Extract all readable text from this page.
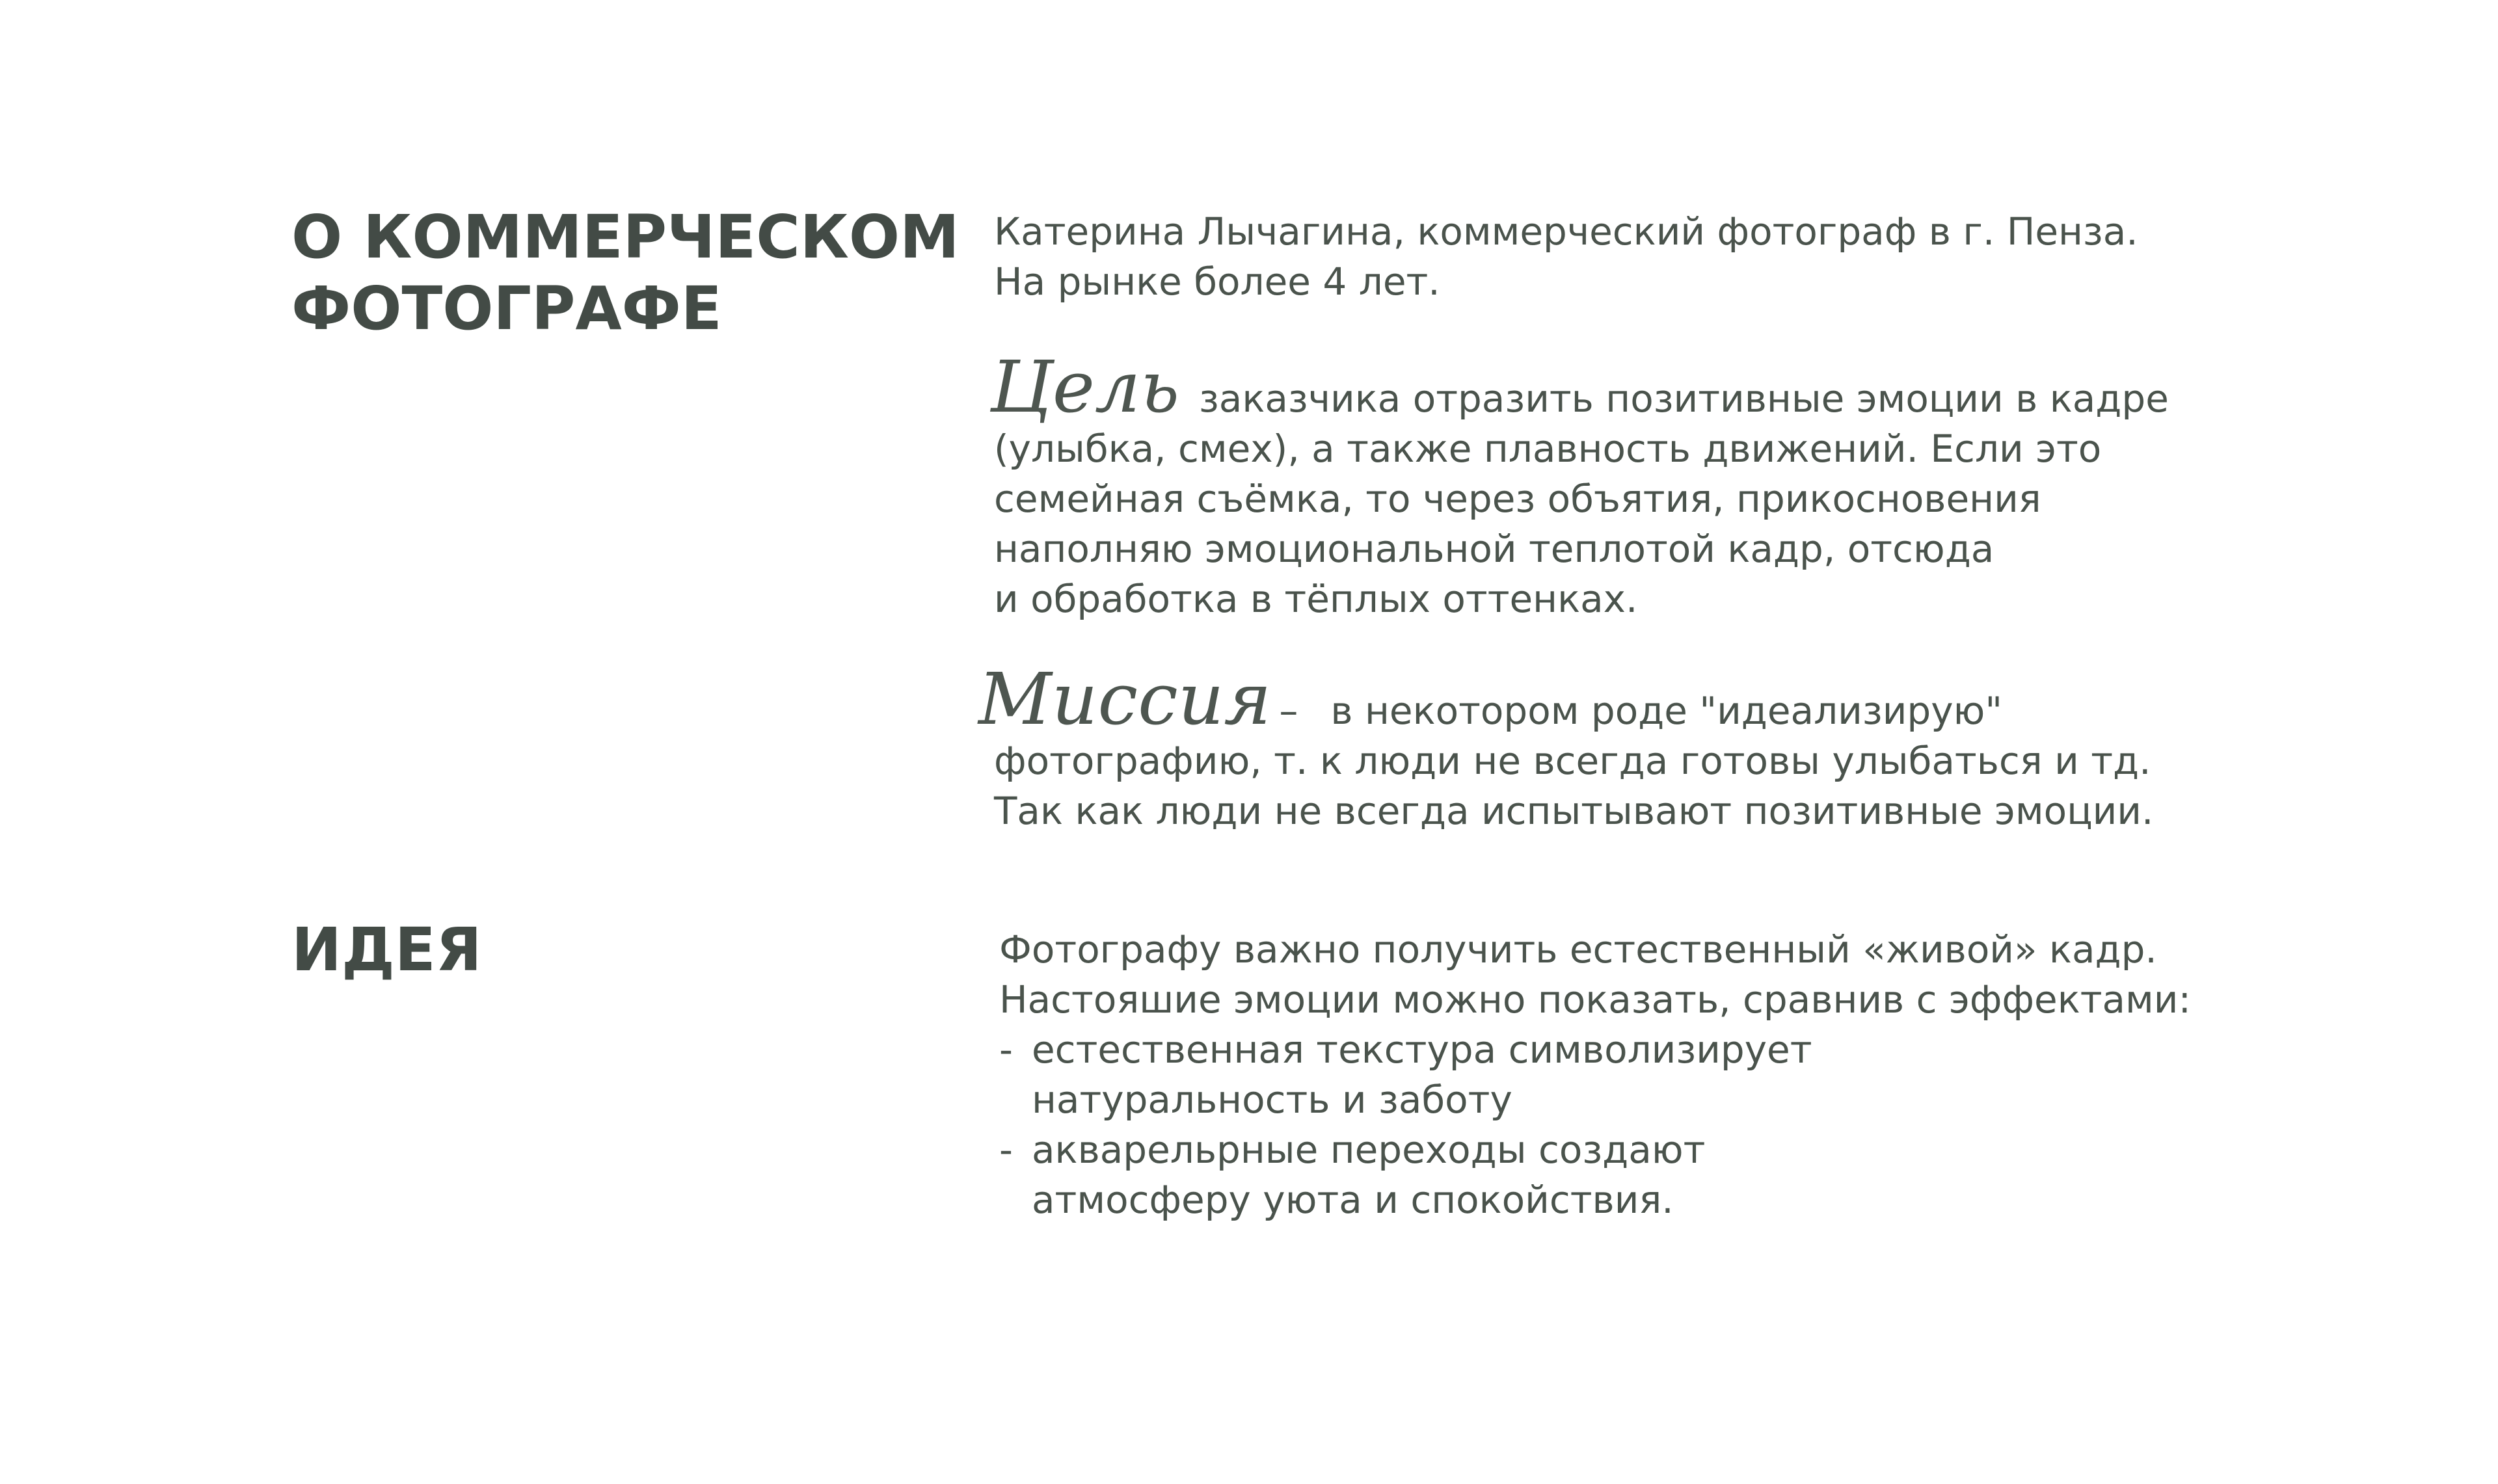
О КОММЕРЧЕСКОМ
ФОТОГРАФЕ
Катерина Лычагина, коммерческий фотограф в г. Пенза.
На рынке более 4 лет.
Цель заказчика отразить позитивные эмоции в кадре
(улыбка, смех), а также плавность движений. Если это
семейная съёмка, то через объятия, прикосновения
наполняю эмоциональной теплотой кадр, отсюда
и обработка в тёплых оттенках.
Миссия – в некотором роде "идеализирую"
фотографию, т. к люди не всегда готовы улыбаться и тд.
Так как люди не всегда испытывают позитивные эмоции.
ИДЕЯ	Фотографу важно получить естественный «живой» кадр.
Настояшие эмоции можно показать, сравнив с эффектами:
- естественная текстура символизирует
натуральность и заботу
- акварельрные переходы создают
атмосферу уюта и спокойствия.
